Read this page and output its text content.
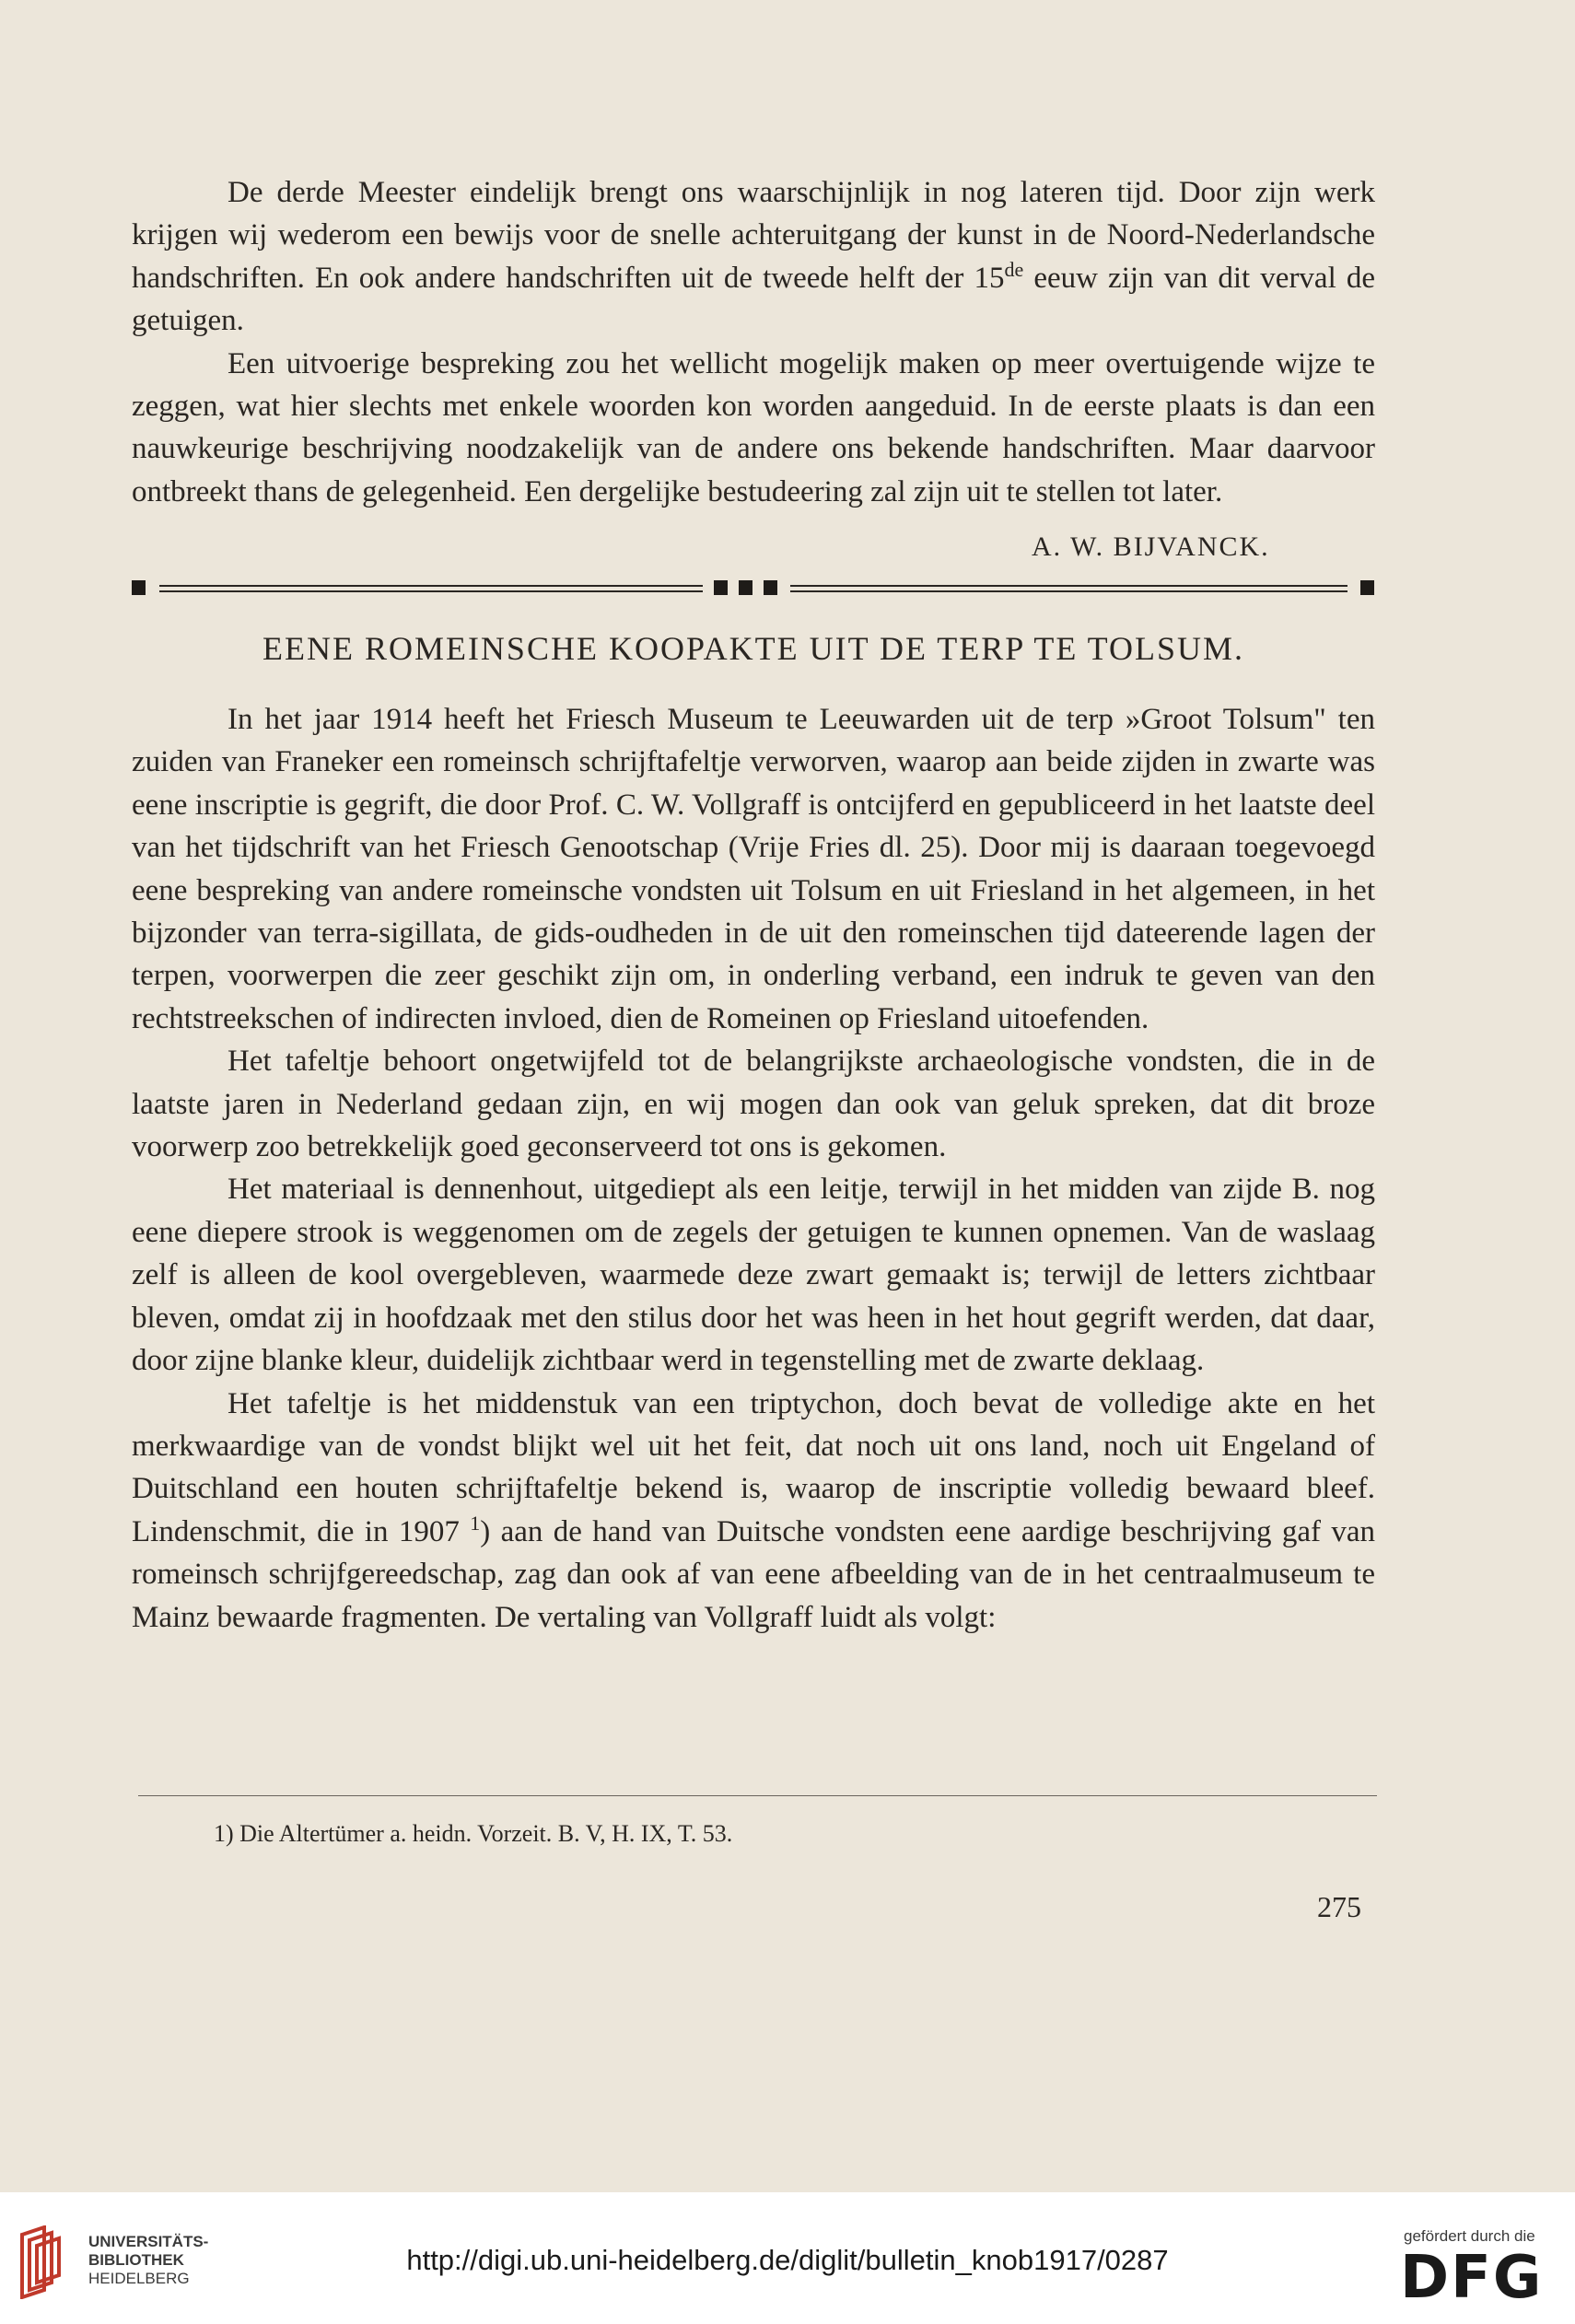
De derde Meester eindelijk brengt ons waarschijnlijk in nog lateren tijd. Door zijn werk krijgen wij wederom een bewijs voor de snelle achteruitgang der kunst in de Noord-Nederlandsche handschriften. En ook andere handschriften uit de tweede helft der 15de eeuw zijn van dit verval de getuigen.

Een uitvoerige bespreking zou het wellicht mogelijk maken op meer overtuigende wijze te zeggen, wat hier slechts met enkele woorden kon worden aangeduid. In de eerste plaats is dan een nauwkeurige beschrijving noodzakelijk van de andere ons bekende handschriften. Maar daarvoor ontbreekt thans de gelegenheid. Een dergelijke bestudeering zal zijn uit te stellen tot later.

A. W. BIJVANCK.
EENE ROMEINSCHE KOOPAKTE UIT DE TERP TE TOLSUM.

In het jaar 1914 heeft het Friesch Museum te Leeuwarden uit de terp »Groot Tolsum" ten zuiden van Franeker een romeinsch schrijftafeltje verworven, waarop aan beide zijden in zwarte was eene inscriptie is gegrift, die door Prof. C. W. Vollgraff is ontcijferd en gepubliceerd in het laatste deel van het tijdschrift van het Friesch Genootschap (Vrije Fries dl. 25). Door mij is daaraan toegevoegd eene bespreking van andere romeinsche vondsten uit Tolsum en uit Friesland in het algemeen, in het bijzonder van terra-sigillata, de gids-oudheden in de uit den romeinschen tijd dateerende lagen der terpen, voorwerpen die zeer geschikt zijn om, in onderling verband, een indruk te geven van den rechtstreekschen of indirecten invloed, dien de Romeinen op Friesland uitoefenden.

Het tafeltje behoort ongetwijfeld tot de belangrijkste archaeologische vondsten, die in de laatste jaren in Nederland gedaan zijn, en wij mogen dan ook van geluk spreken, dat dit broze voorwerp zoo betrekkelijk goed geconserveerd tot ons is gekomen.

Het materiaal is dennenhout, uitgediept als een leitje, terwijl in het midden van zijde B. nog eene diepere strook is weggenomen om de zegels der getuigen te kunnen opnemen. Van de waslaag zelf is alleen de kool overgebleven, waarmede deze zwart gemaakt is; terwijl de letters zichtbaar bleven, omdat zij in hoofdzaak met den stilus door het was heen in het hout gegrift werden, dat daar, door zijne blanke kleur, duidelijk zichtbaar werd in tegenstelling met de zwarte deklaag.

Het tafeltje is het middenstuk van een triptychon, doch bevat de volledige akte en het merkwaardige van de vondst blijkt wel uit het feit, dat noch uit ons land, noch uit Engeland of Duitschland een houten schrijftafeltje bekend is, waarop de inscriptie volledig bewaard bleef. Lindenschmit, die in 1907 $^1$) aan de hand van Duitsche vondsten eene aardige beschrijving gaf van romeinsch schrijfgereedschap, zag dan ook af van eene afbeelding van de in het centraalmuseum te Mainz bewaarde fragmenten. De vertaling van Vollgraff luidt als volgt:

1) Die Altertümer a. heidn. Vorzeit. B. V, H. IX, T. 53.
275
UNIVERSITÄTS-
BIBLIOTHEK
HEIDELBERG
http://digi.ub.uni-heidelberg.de/diglit/bulletin_knob1917/0287
gefördert durch die
DFG
